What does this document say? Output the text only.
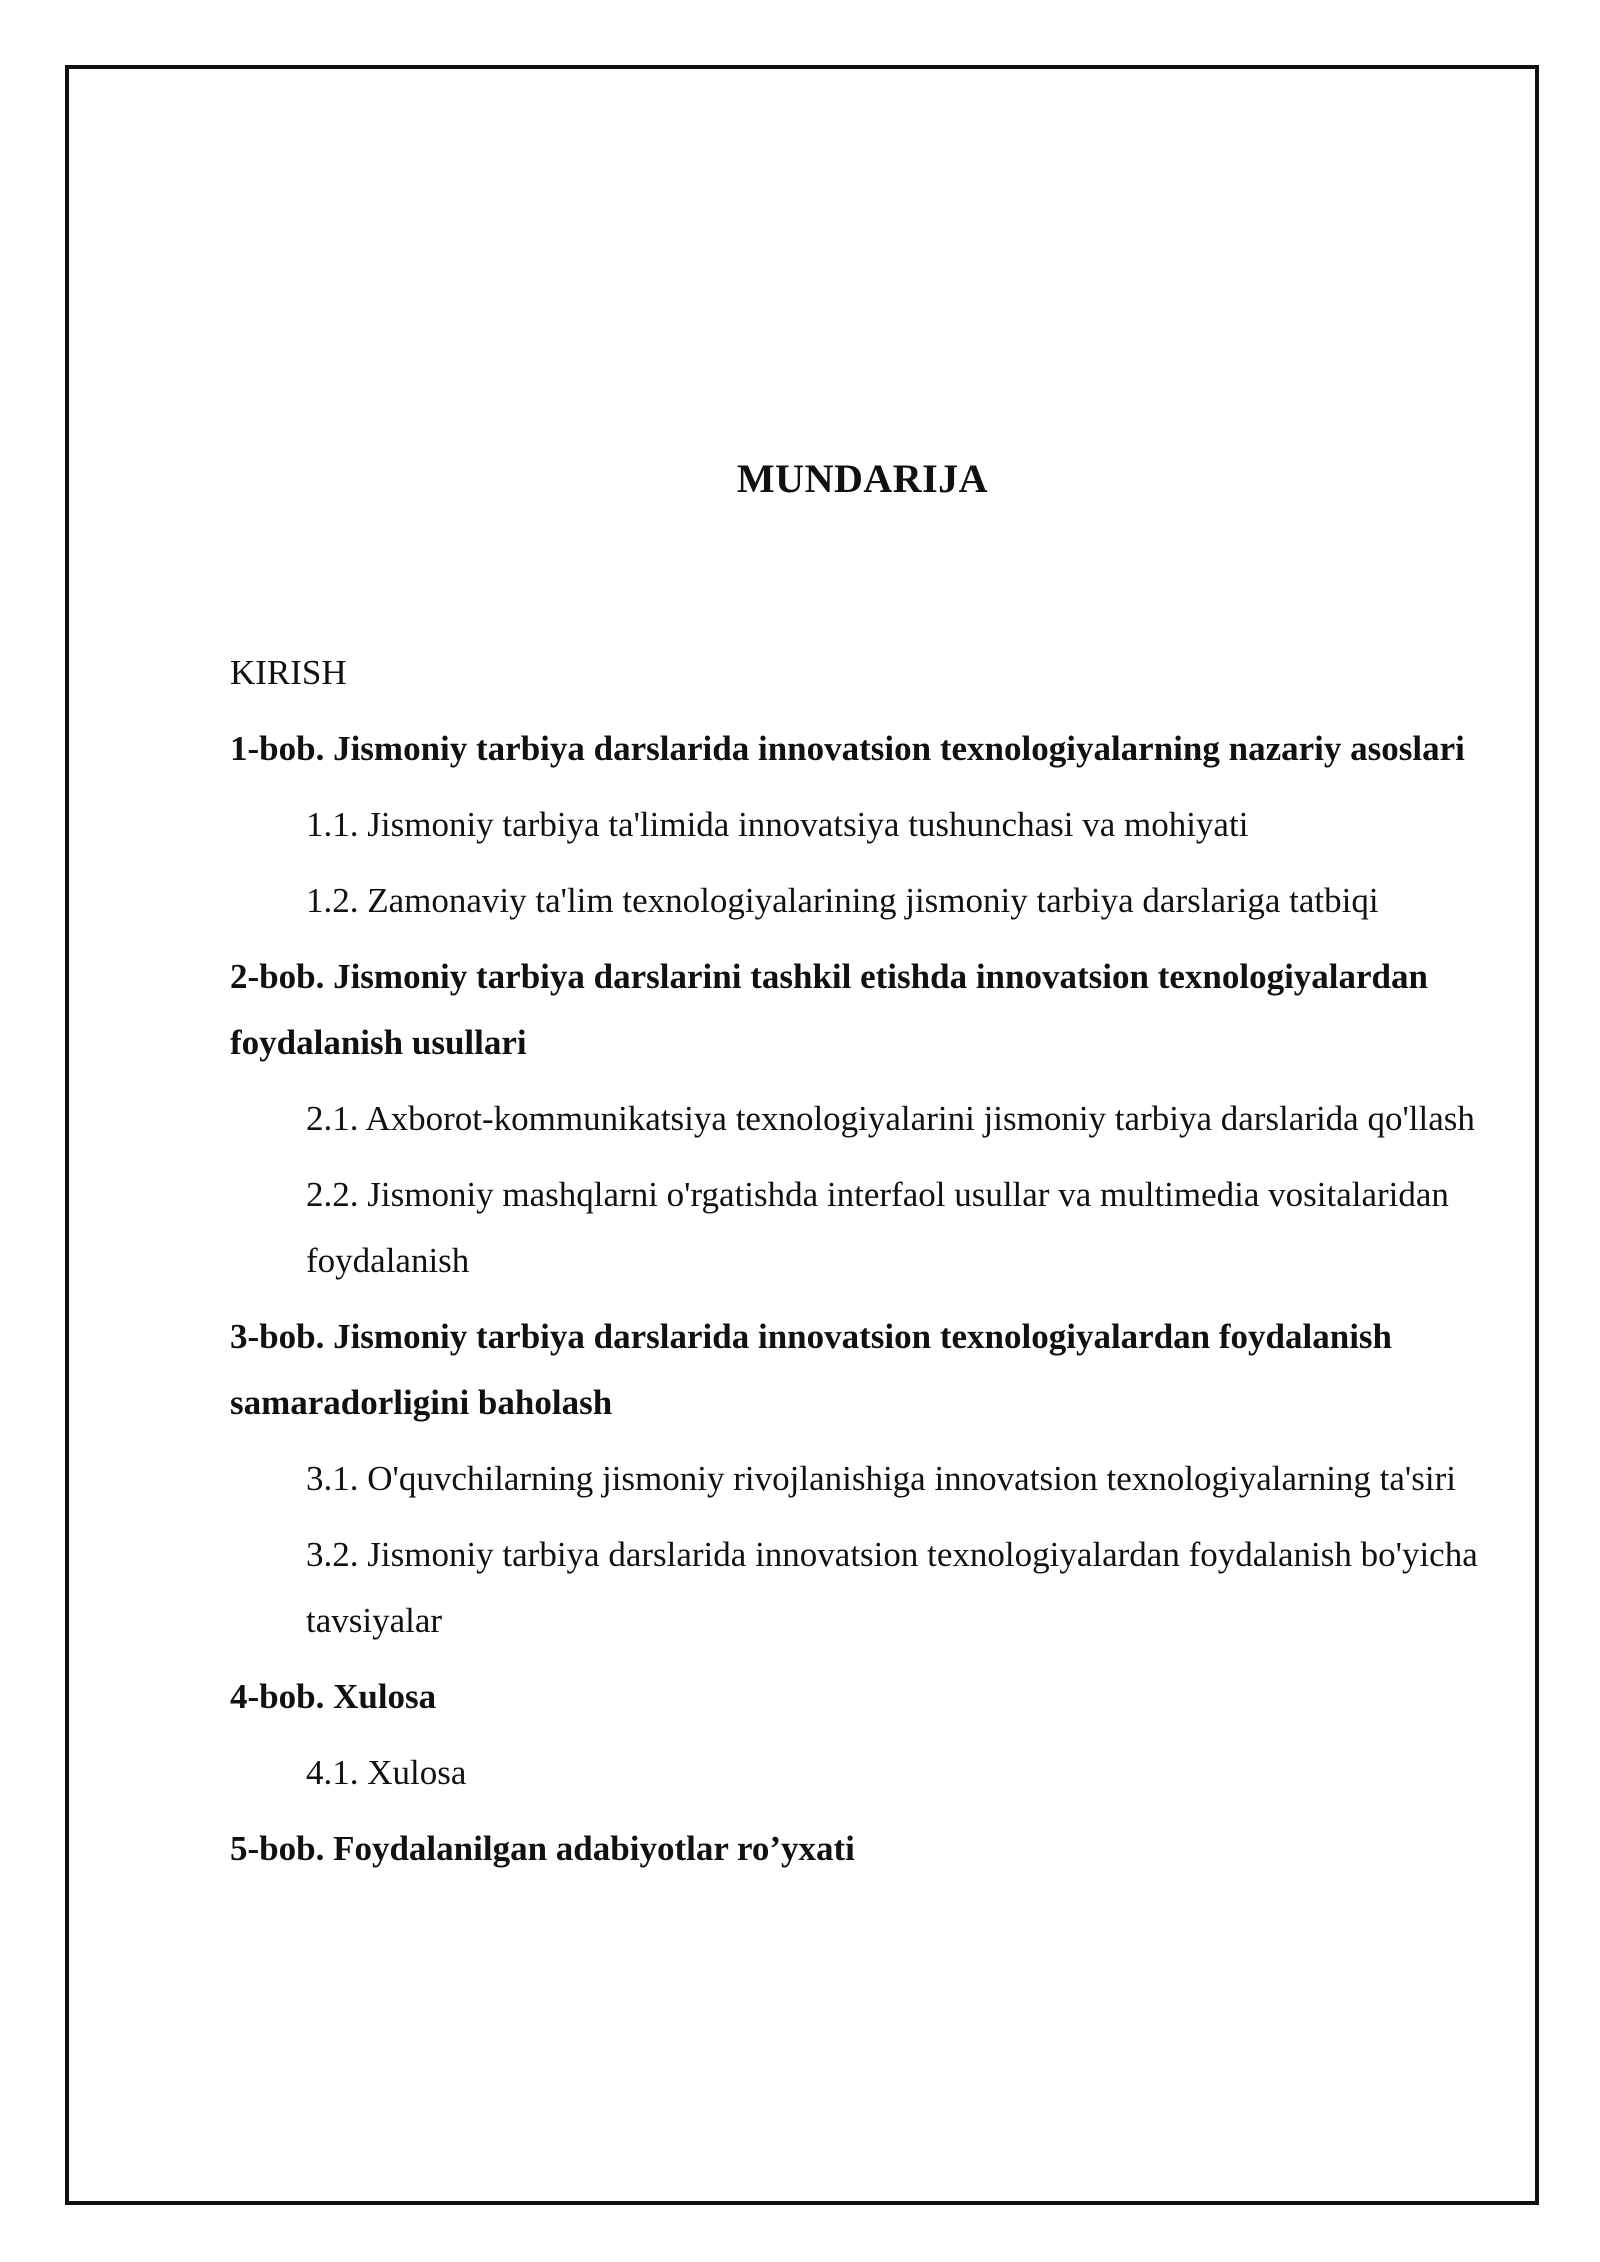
MUNDARIJA
KIRISH
1-bob. Jismoniy tarbiya darslarida innovatsion texnologiyalarning nazariy asoslari
1.1. Jismoniy tarbiya ta'limida innovatsiya tushunchasi va mohiyati
1.2. Zamonaviy ta'lim texnologiyalarining jismoniy tarbiya darslariga tatbiqi
2-bob. Jismoniy tarbiya darslarini tashkil etishda innovatsion texnologiyalardan foydalanish usullari
2.1. Axborot-kommunikatsiya texnologiyalarini jismoniy tarbiya darslarida qo'llash
2.2. Jismoniy mashqlarni o'rgatishda interfaol usullar va multimedia vositalaridan foydalanish
3-bob. Jismoniy tarbiya darslarida innovatsion texnologiyalardan foydalanish samaradorligini baholash
3.1. O'quvchilarning jismoniy rivojlanishiga innovatsion texnologiyalarning ta'siri
3.2. Jismoniy tarbiya darslarida innovatsion texnologiyalardan foydalanish bo'yicha tavsiyalar
4-bob. Xulosa
4.1. Xulosa
5-bob. Foydalanilgan adabiyotlar ro’yxati
